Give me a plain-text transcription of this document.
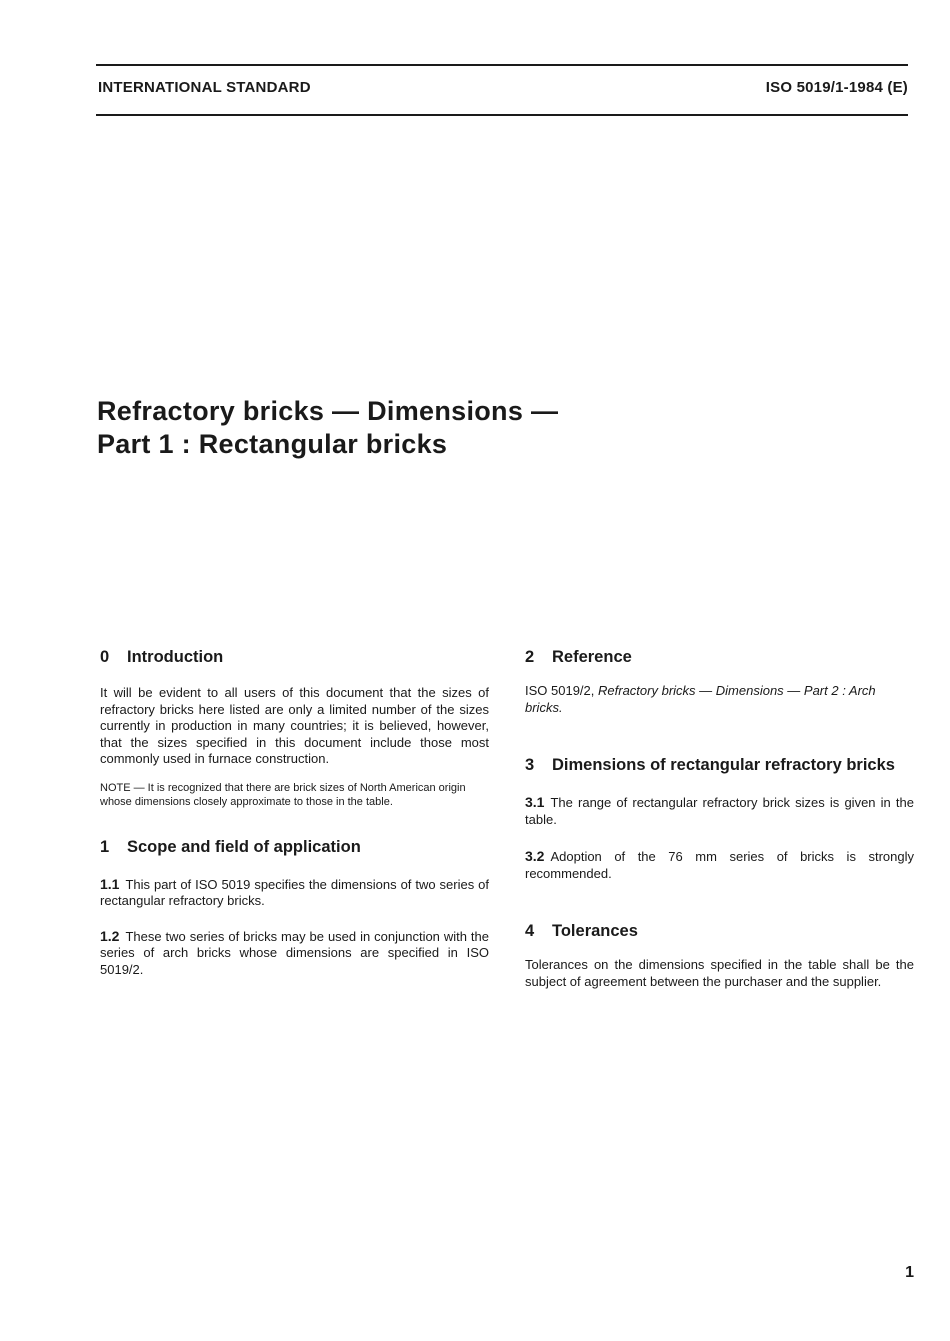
INTERNATIONAL STANDARD	ISO 5019/1-1984 (E)
Refractory bricks — Dimensions —
Part 1 : Rectangular bricks
0 Introduction

It will be evident to all users of this document that the sizes of refractory bricks here listed are only a limited number of the sizes currently in production in many countries; it is believed, however, that the sizes specified in this document include those most commonly used in furnace construction.

NOTE — It is recognized that there are brick sizes of North American origin whose dimensions closely approximate to those in the table.

1 Scope and field of application

1.1 This part of ISO 5019 specifies the dimensions of two series of rectangular refractory bricks.

1.2 These two series of bricks may be used in conjunction with the series of arch bricks whose dimensions are specified in ISO 5019/2.

2 Reference

ISO 5019/2, Refractory bricks — Dimensions — Part 2 : Arch bricks.

3 Dimensions of rectangular refractory bricks

3.1 The range of rectangular refractory brick sizes is given in the table.

3.2 Adoption of the 76 mm series of bricks is strongly recommended.

4 Tolerances

Tolerances on the dimensions specified in the table shall be the subject of agreement between the purchaser and the supplier.

1
